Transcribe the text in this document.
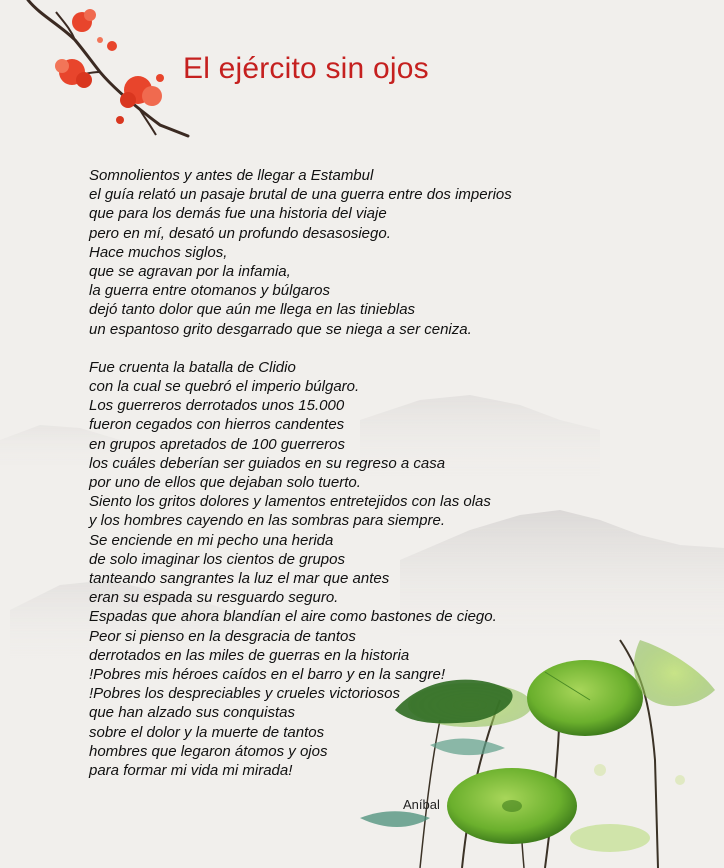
El ejército sin ojos

Somnolientos y antes de llegar a Estambul
el guía relató un pasaje brutal de una guerra entre dos imperios
que para los demás fue una historia del viaje
pero en mí, desató un profundo desasosiego.
Hace muchos siglos,
que se agravan por la infamia,
la guerra entre otomanos y búlgaros
dejó tanto dolor que aún me llega en las tinieblas
un espantoso grito desgarrado que se niega a ser ceniza.

Fue cruenta la batalla de Clidio
con la cual se quebró el imperio búlgaro.
Los guerreros derrotados unos 15.000
fueron cegados con hierros candentes
en grupos apretados de 100 guerreros
los cuáles deberían ser guiados en su regreso a casa
por uno de ellos que dejaban solo tuerto.
Siento los gritos dolores y lamentos entretejidos con las olas
y los hombres cayendo en las sombras para siempre.
Se enciende en mi pecho una herida
de solo imaginar los cientos de grupos
tanteando sangrantes la luz el mar que antes
eran su espada su resguardo seguro.
Espadas que ahora blandían el aire como bastones de ciego.
Peor si pienso en la desgracia de tantos
derrotados en las miles de guerras en la historia
!Pobres mis héroes caídos en el barro y en la sangre!
!Pobres los despreciables y crueles victoriosos
que han alzado sus conquistas
sobre el dolor y la muerte de tantos
hombres que legaron átomos y ojos
para formar mi vida mi mirada!

Aníbal
